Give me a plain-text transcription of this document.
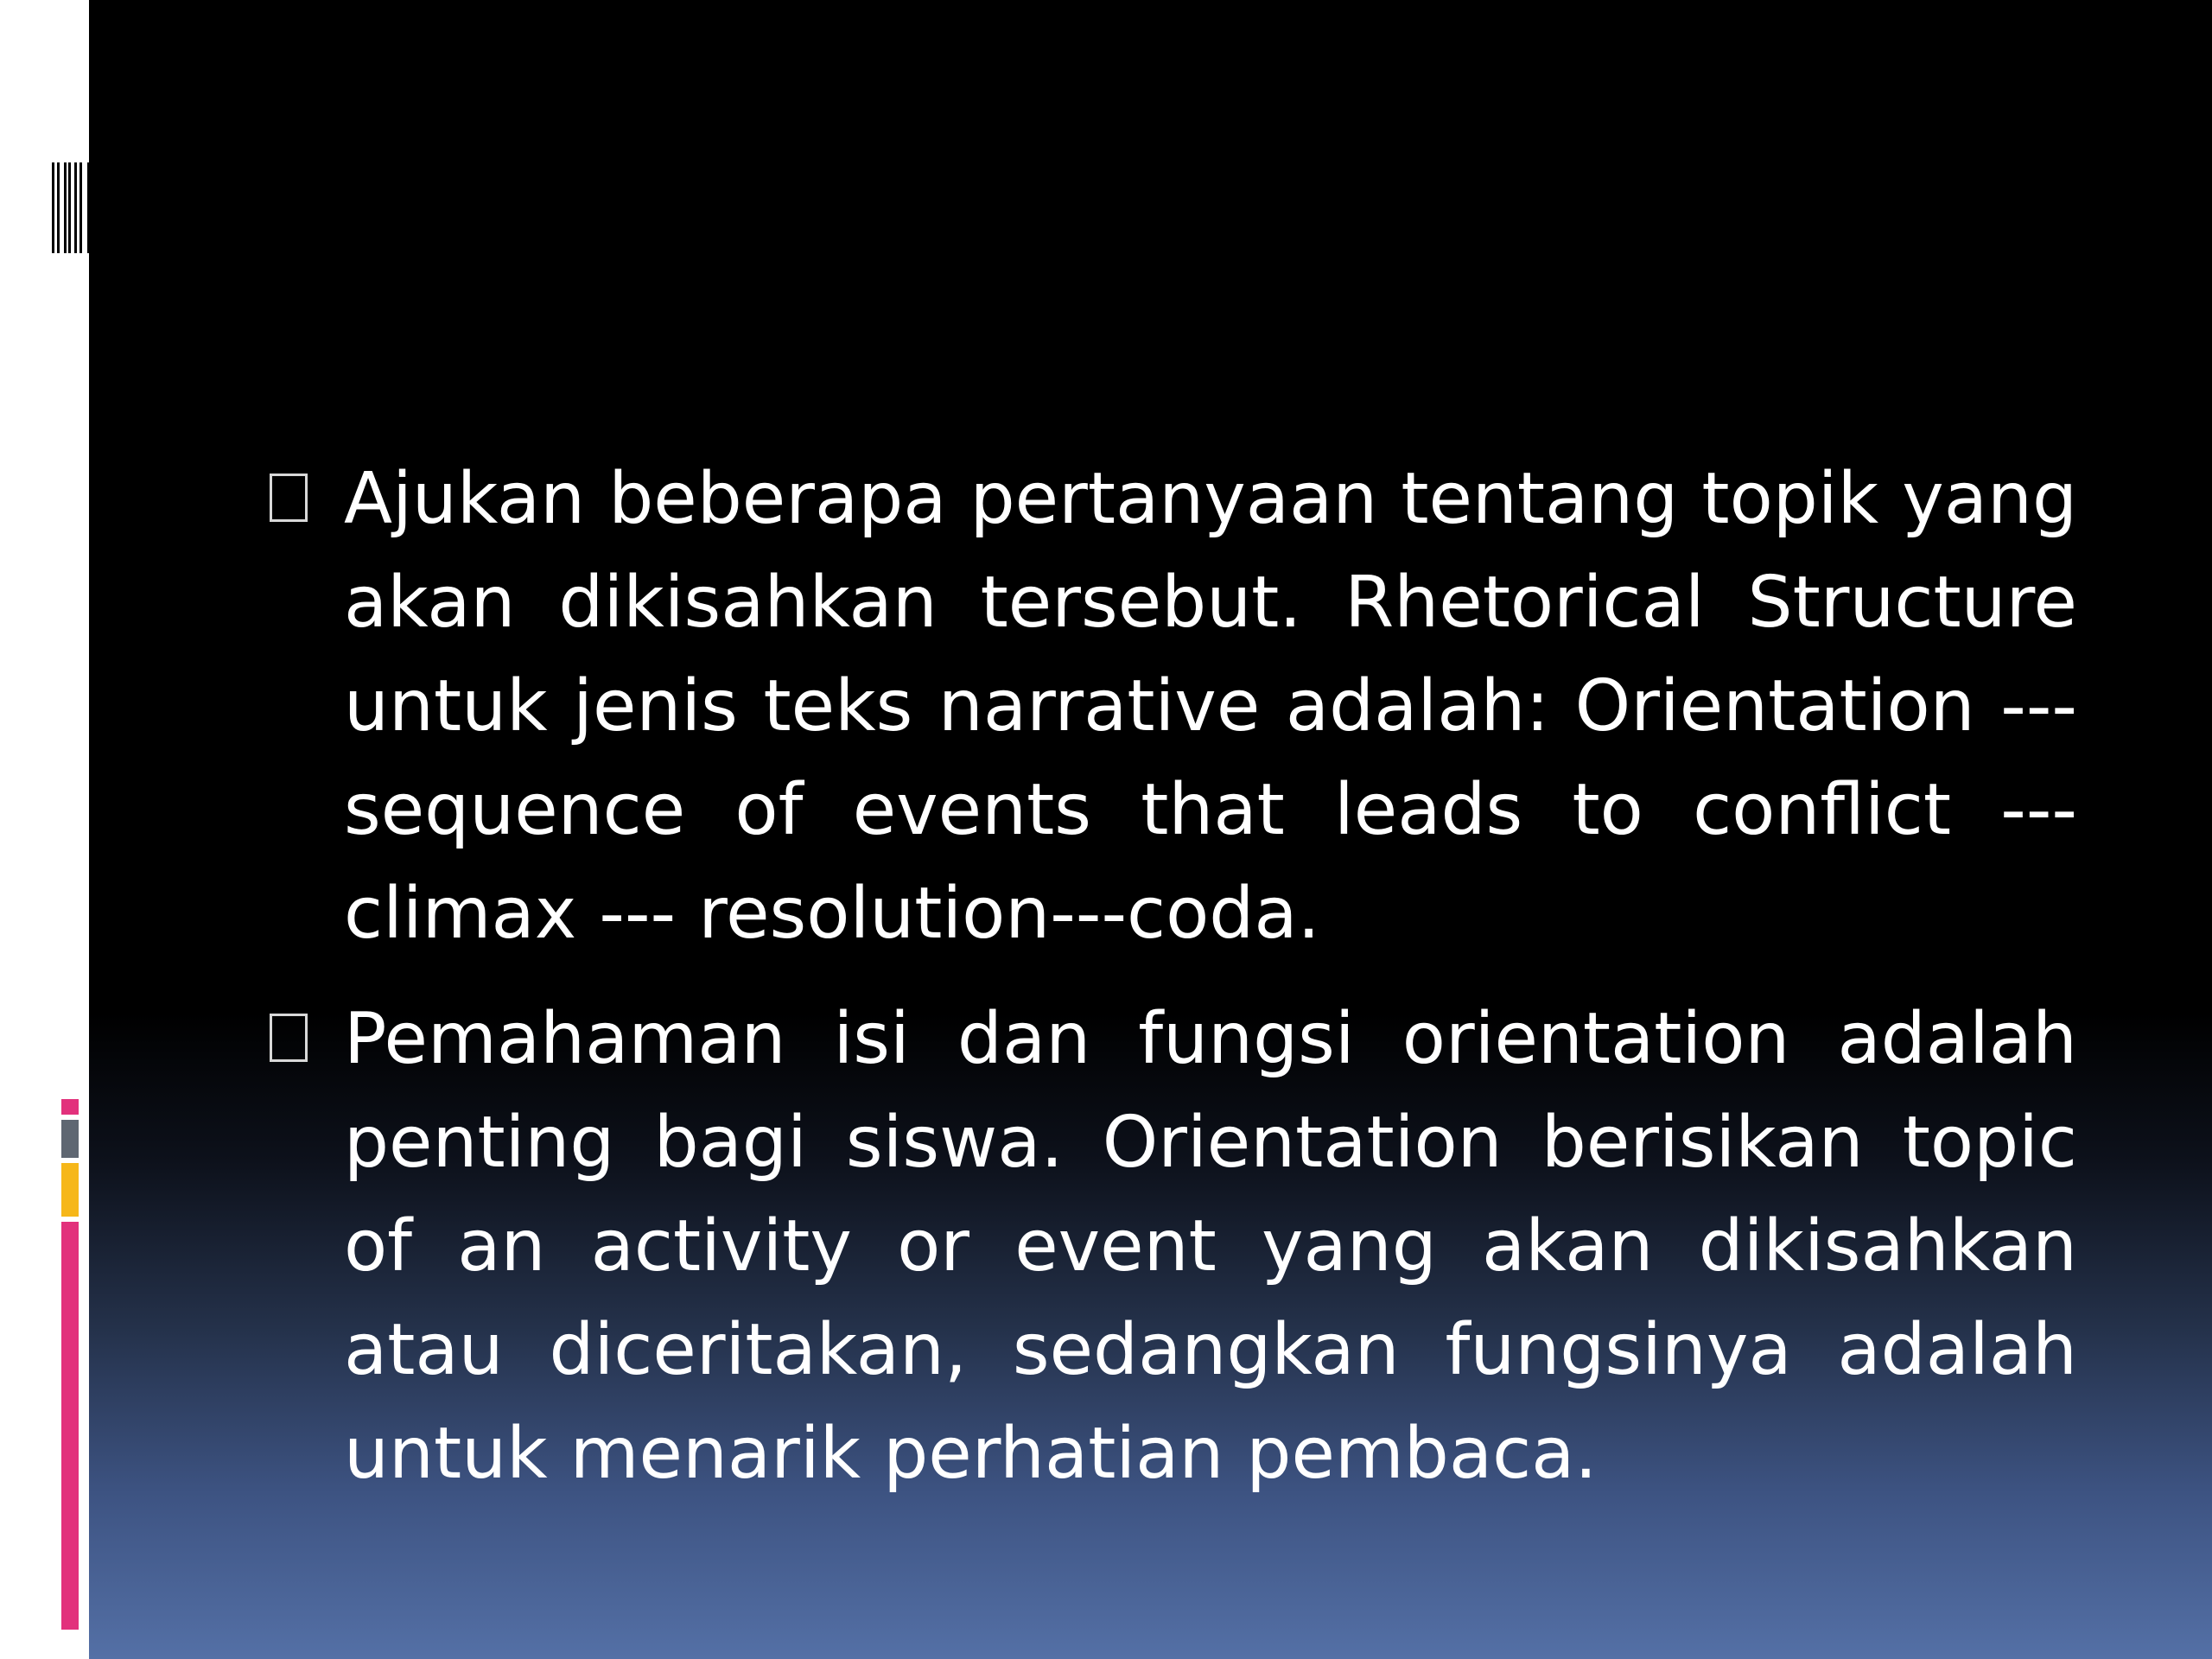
Ajukan beberapa pertanyaan tentang topik yang akan dikisahkan tersebut. Rhetorical Structure untuk jenis teks narrative adalah: Orientation --- sequence of events that leads to conflict --- climax --- resolution---coda.
Pemahaman isi dan fungsi orientation adalah penting bagi siswa. Orientation berisikan topic of an activity or event yang akan dikisahkan atau diceritakan, sedangkan fungsinya adalah untuk menarik perhatian pembaca.
